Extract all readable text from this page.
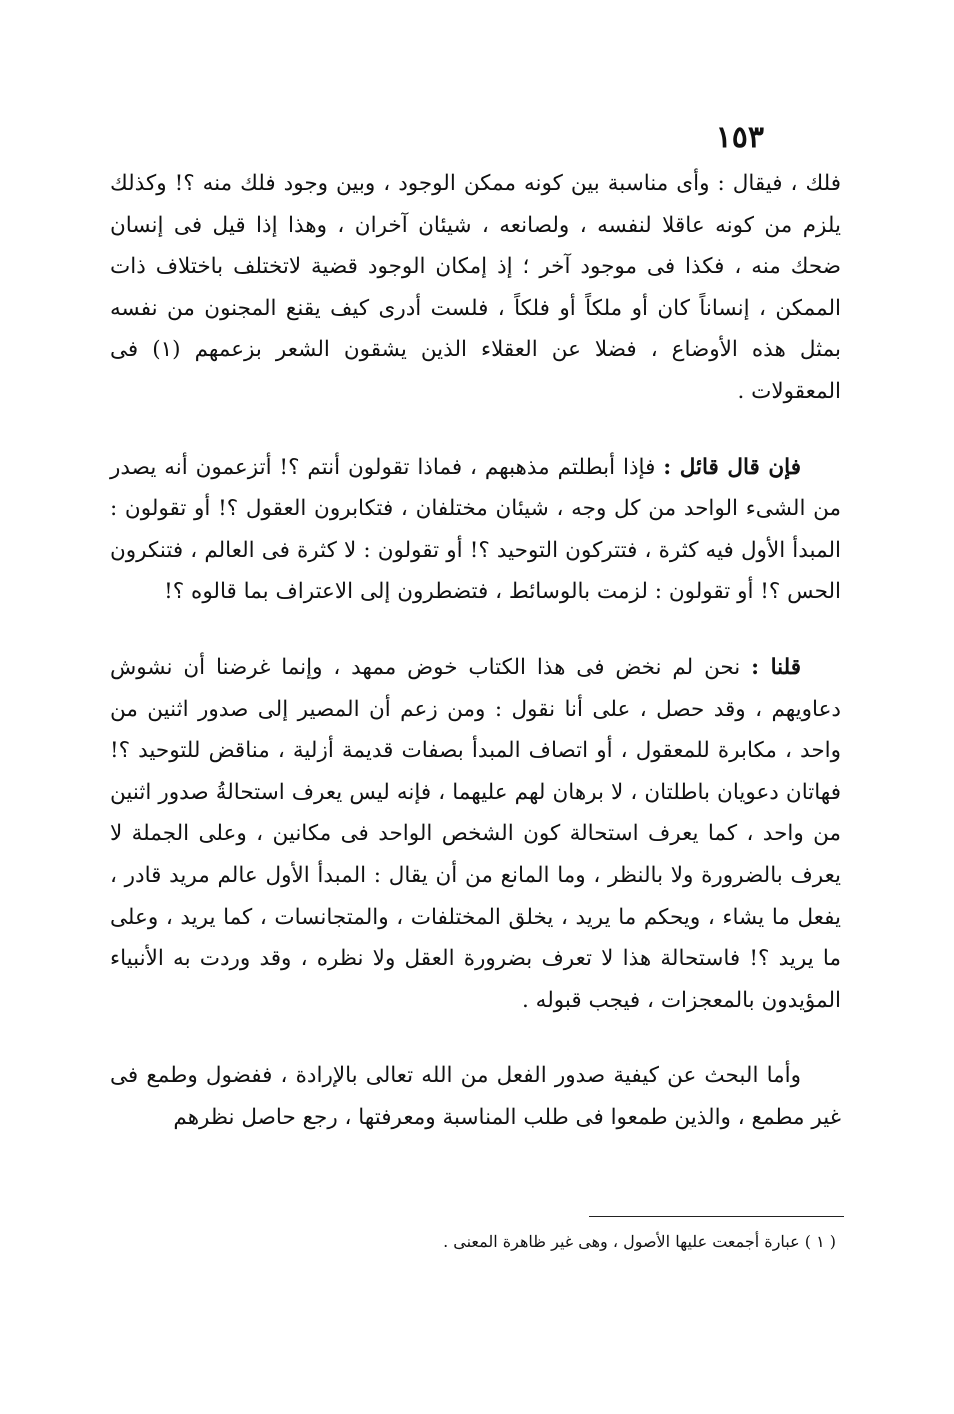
١٥٣

فلك ، فيقال : وأى مناسبة بين كونه ممكن الوجود ، وبين وجود فلك منه ؟! وكذلك يلزم من كونه عاقلا لنفسه ، ولصانعه ، شيئان آخران ، وهذا إذا قيل فى إنسان ضحك منه ، فكذا فى موجود آخر ؛ إذ إمكان الوجود قضية لاتختلف باختلاف ذات الممكن ، إنساناً كان أو ملكاً أو فلكاً ، فلست أدرى كيف يقنع المجنون من نفسه بمثل هذه الأوضاع ، فضلا عن العقلاء الذين يشقون الشعر بزعمهم (١) فى المعقولات .

فإن قال قائل : فإذا أبطلتم مذهبهم ، فماذا تقولون أنتم ؟! أتزعمون أنه يصدر من الشىء الواحد من كل وجه ، شيئان مختلفان ، فتكابرون العقول ؟! أو تقولون : المبدأ الأول فيه كثرة ، فتتركون التوحيد ؟! أو تقولون : لا كثرة فى العالم ، فتنكرون الحس ؟! أو تقولون : لزمت بالوسائط ، فتضطرون إلى الاعتراف بما قالوه ؟!

قلنا : نحن لم نخض فى هذا الكتاب خوض ممهد ، وإنما غرضنا أن نشوش دعاويهم ، وقد حصل ، على أنا نقول : ومن زعم أن المصير إلى صدور اثنين من واحد ، مكابرة للمعقول ، أو اتصاف المبدأ بصفات قديمة أزلية ، مناقض للتوحيد ؟! فهاتان دعويان باطلتان ، لا برهان لهم عليهما ، فإنه ليس يعرف استحالةُ صدور اثنين من واحد ، كما يعرف استحالة كون الشخص الواحد فى مكانين ، وعلى الجملة لا يعرف بالضرورة ولا بالنظر ، وما المانع من أن يقال : المبدأ الأول عالم مريد قادر ، يفعل ما يشاء ، ويحكم ما يريد ، يخلق المختلفات ، والمتجانسات ، كما يريد ، وعلى ما يريد ؟! فاستحالة هذا لا تعرف بضرورة العقل ولا نظره ، وقد وردت به الأنبياء المؤيدون بالمعجزات ، فيجب قبوله .

وأما البحث عن كيفية صدور الفعل من الله تعالى بالإرادة ، ففضول وطمع فى غير مطمع ، والذين طمعوا فى طلب المناسبة ومعرفتها ، رجع حاصل نظرهم

( ١ ) عبارة أجمعت عليها الأصول ، وهى غير ظاهرة المعنى .
